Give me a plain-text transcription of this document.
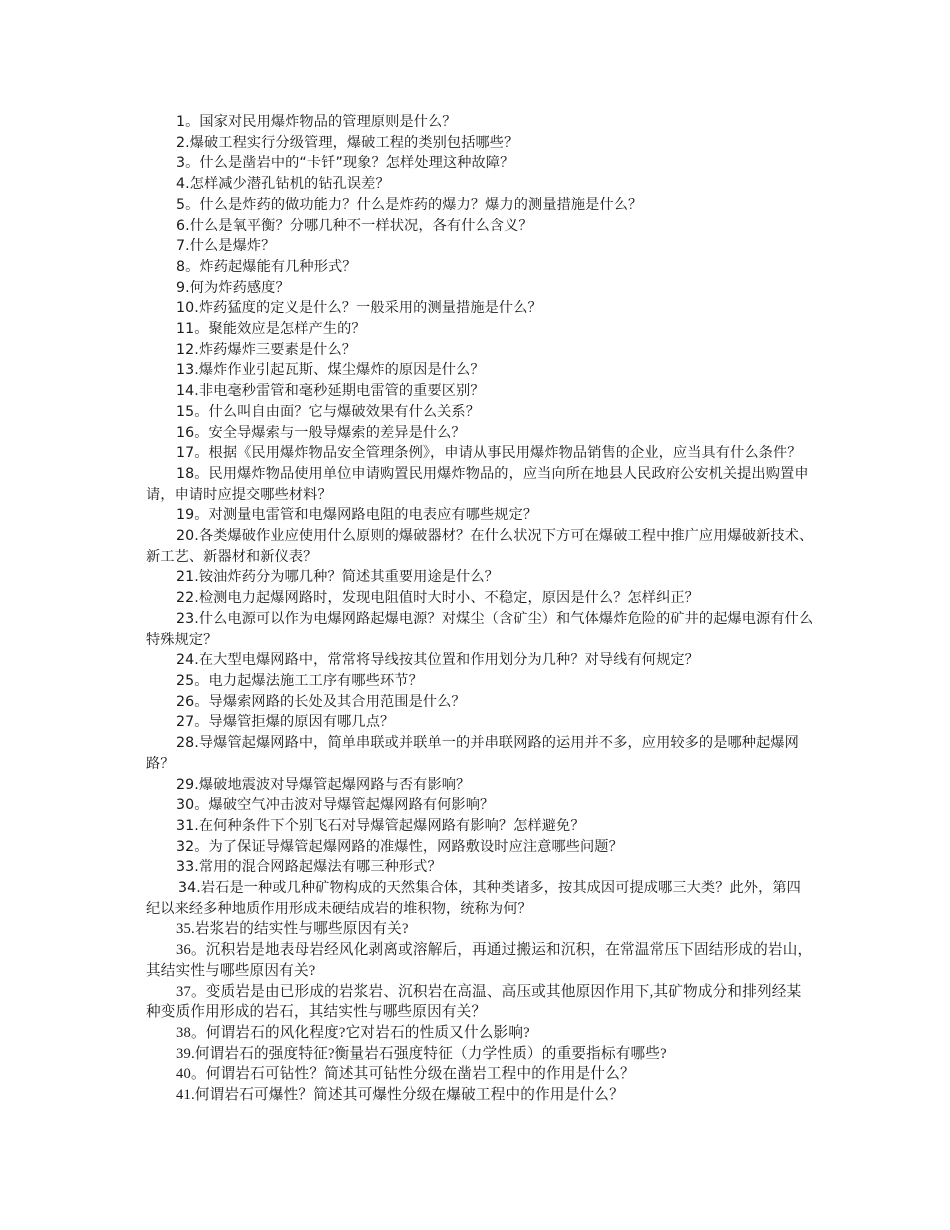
1。国家对民用爆炸物品的管理原则是什么？

2.爆破工程实行分级管理，爆破工程的类别包括哪些？

3。什么是凿岩中的“卡钎”现象？怎样处理这种故障？

4.怎样减少潜孔钻机的钻孔误差？

5。什么是炸药的做功能力？什么是炸药的爆力？爆力的测量措施是什么？

6.什么是氧平衡？分哪几种不一样状况，各有什么含义？

7.什么是爆炸？

8。炸药起爆能有几种形式？

9.何为炸药感度？

10.炸药猛度的定义是什么？一般采用的测量措施是什么？

11。聚能效应是怎样产生的？

12.炸药爆炸三要素是什么？

13.爆炸作业引起瓦斯、煤尘爆炸的原因是什么？

14.非电毫秒雷管和毫秒延期电雷管的重要区别？

15。什么叫自由面？它与爆破效果有什么关系？

16。安全导爆索与一般导爆索的差异是什么？

17。根据《民用爆炸物品安全管理条例》，申请从事民用爆炸物品销售的企业，应当具有什么条件？

18。民用爆炸物品使用单位申请购置民用爆炸物品的，应当向所在地县人民政府公安机关提出购置申请，申请时应提交哪些材料？

19。对测量电雷管和电爆网路电阻的电表应有哪些规定？

20.各类爆破作业应使用什么原则的爆破器材？在什么状况下方可在爆破工程中推广应用爆破新技术、新工艺、新器材和新仪表？

21.铵油炸药分为哪几种？简述其重要用途是什么？

22.检测电力起爆网路时，发现电阻值时大时小、不稳定，原因是什么？怎样纠正？

23.什么电源可以作为电爆网路起爆电源？对煤尘（含矿尘）和气体爆炸危险的矿井的起爆电源有什么特殊规定？

24.在大型电爆网路中，常常将导线按其位置和作用划分为几种？对导线有何规定？

25。电力起爆法施工工序有哪些环节？

26。导爆索网路的长处及其合用范围是什么？

27。导爆管拒爆的原因有哪几点？

28.导爆管起爆网路中，简单串联或并联单一的并串联网路的运用并不多，应用较多的是哪种起爆网路？

29.爆破地震波对导爆管起爆网路与否有影响？

30。爆破空气冲击波对导爆管起爆网路有何影响？

31.在何种条件下个别飞石对导爆管起爆网路有影响？怎样避免？

32。为了保证导爆管起爆网路的准爆性，网路敷设时应注意哪些问题？

33.常用的混合网路起爆法有哪三种形式？

34.岩石是一种或几种矿物构成的天然集合体，其种类诸多，按其成因可提成哪三大类？此外，第四纪以来经多种地质作用形成未硬结成岩的堆积物，统称为何？

35.岩浆岩的结实性与哪些原因有关?

36。沉积岩是地表母岩经风化剥离或溶解后，再通过搬运和沉积，在常温常压下固结形成的岩山，其结实性与哪些原因有关?

37。变质岩是由已形成的岩浆岩、沉积岩在高温、高压或其他原因作用下,其矿物成分和排列经某种变质作用形成的岩石，其结实性与哪些原因有关？

38。何谓岩石的风化程度?它对岩石的性质又什么影响?

39.何谓岩石的强度特征?衡量岩石强度特征（力学性质）的重要指标有哪些?

40。何谓岩石可钻性？简述其可钻性分级在凿岩工程中的作用是什么？

41.何谓岩石可爆性？简述其可爆性分级在爆破工程中的作用是什么？
